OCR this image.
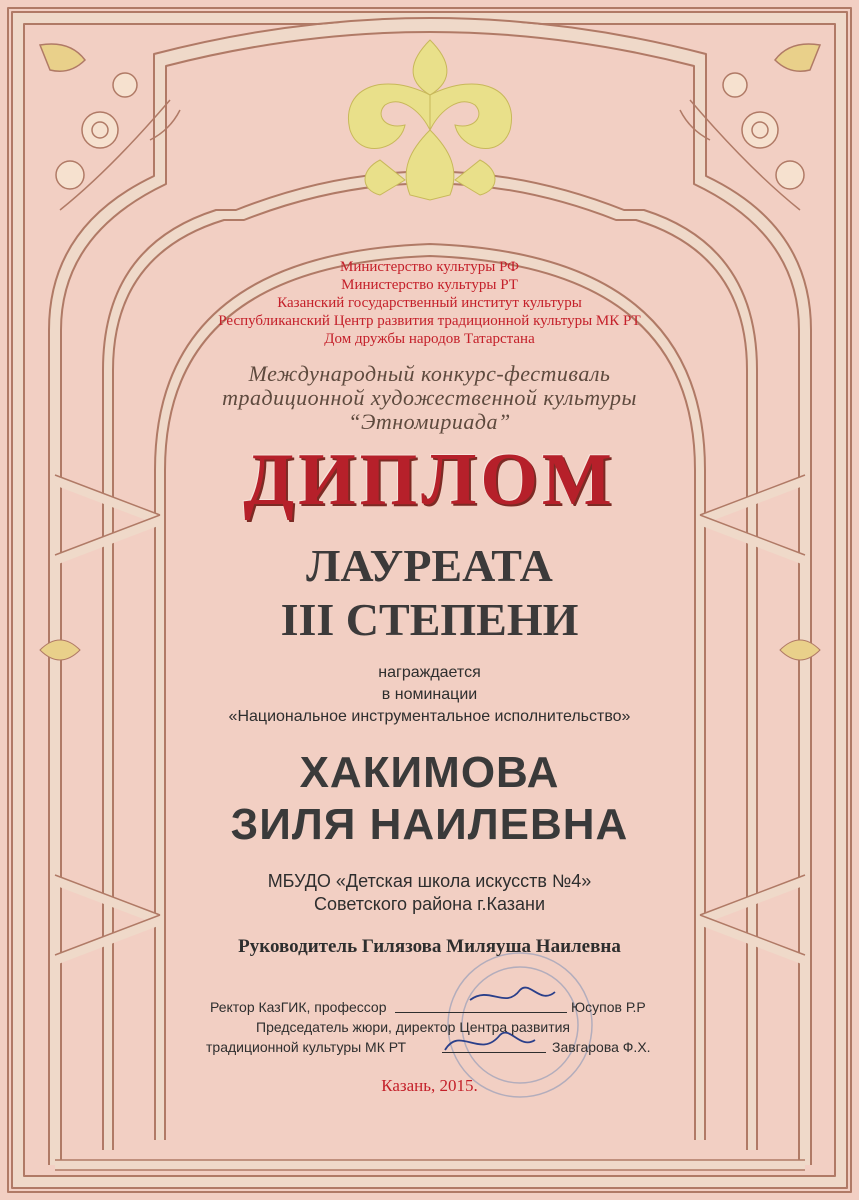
Министерство культуры РФ

Министерство культуры РТ

Казанский государственный институт культуры

Республиканский Центр развития традиционной культуры МК РТ

Дом дружбы народов Татарстана

Международный конкурс-фестиваль

традиционной художественной культуры

“Этномириада”

ДИПЛОМ

ЛАУРЕАТА

III СТЕПЕНИ

награждается

в номинации

«Национальное инструментальное исполнительство»

ХАКИМОВА

ЗИЛЯ НАИЛЕВНА

МБУДО «Детская школа искусств №4»

Советского района г.Казани

Руководитель Гилязова Миляуша Наилевна

Ректор КазГИК, профессор	Юсупов Р.Р
Председатель жюри, директор Центра развития
традиционной культуры МК РТ	Завгарова Ф.Х.

Казань, 2015.
